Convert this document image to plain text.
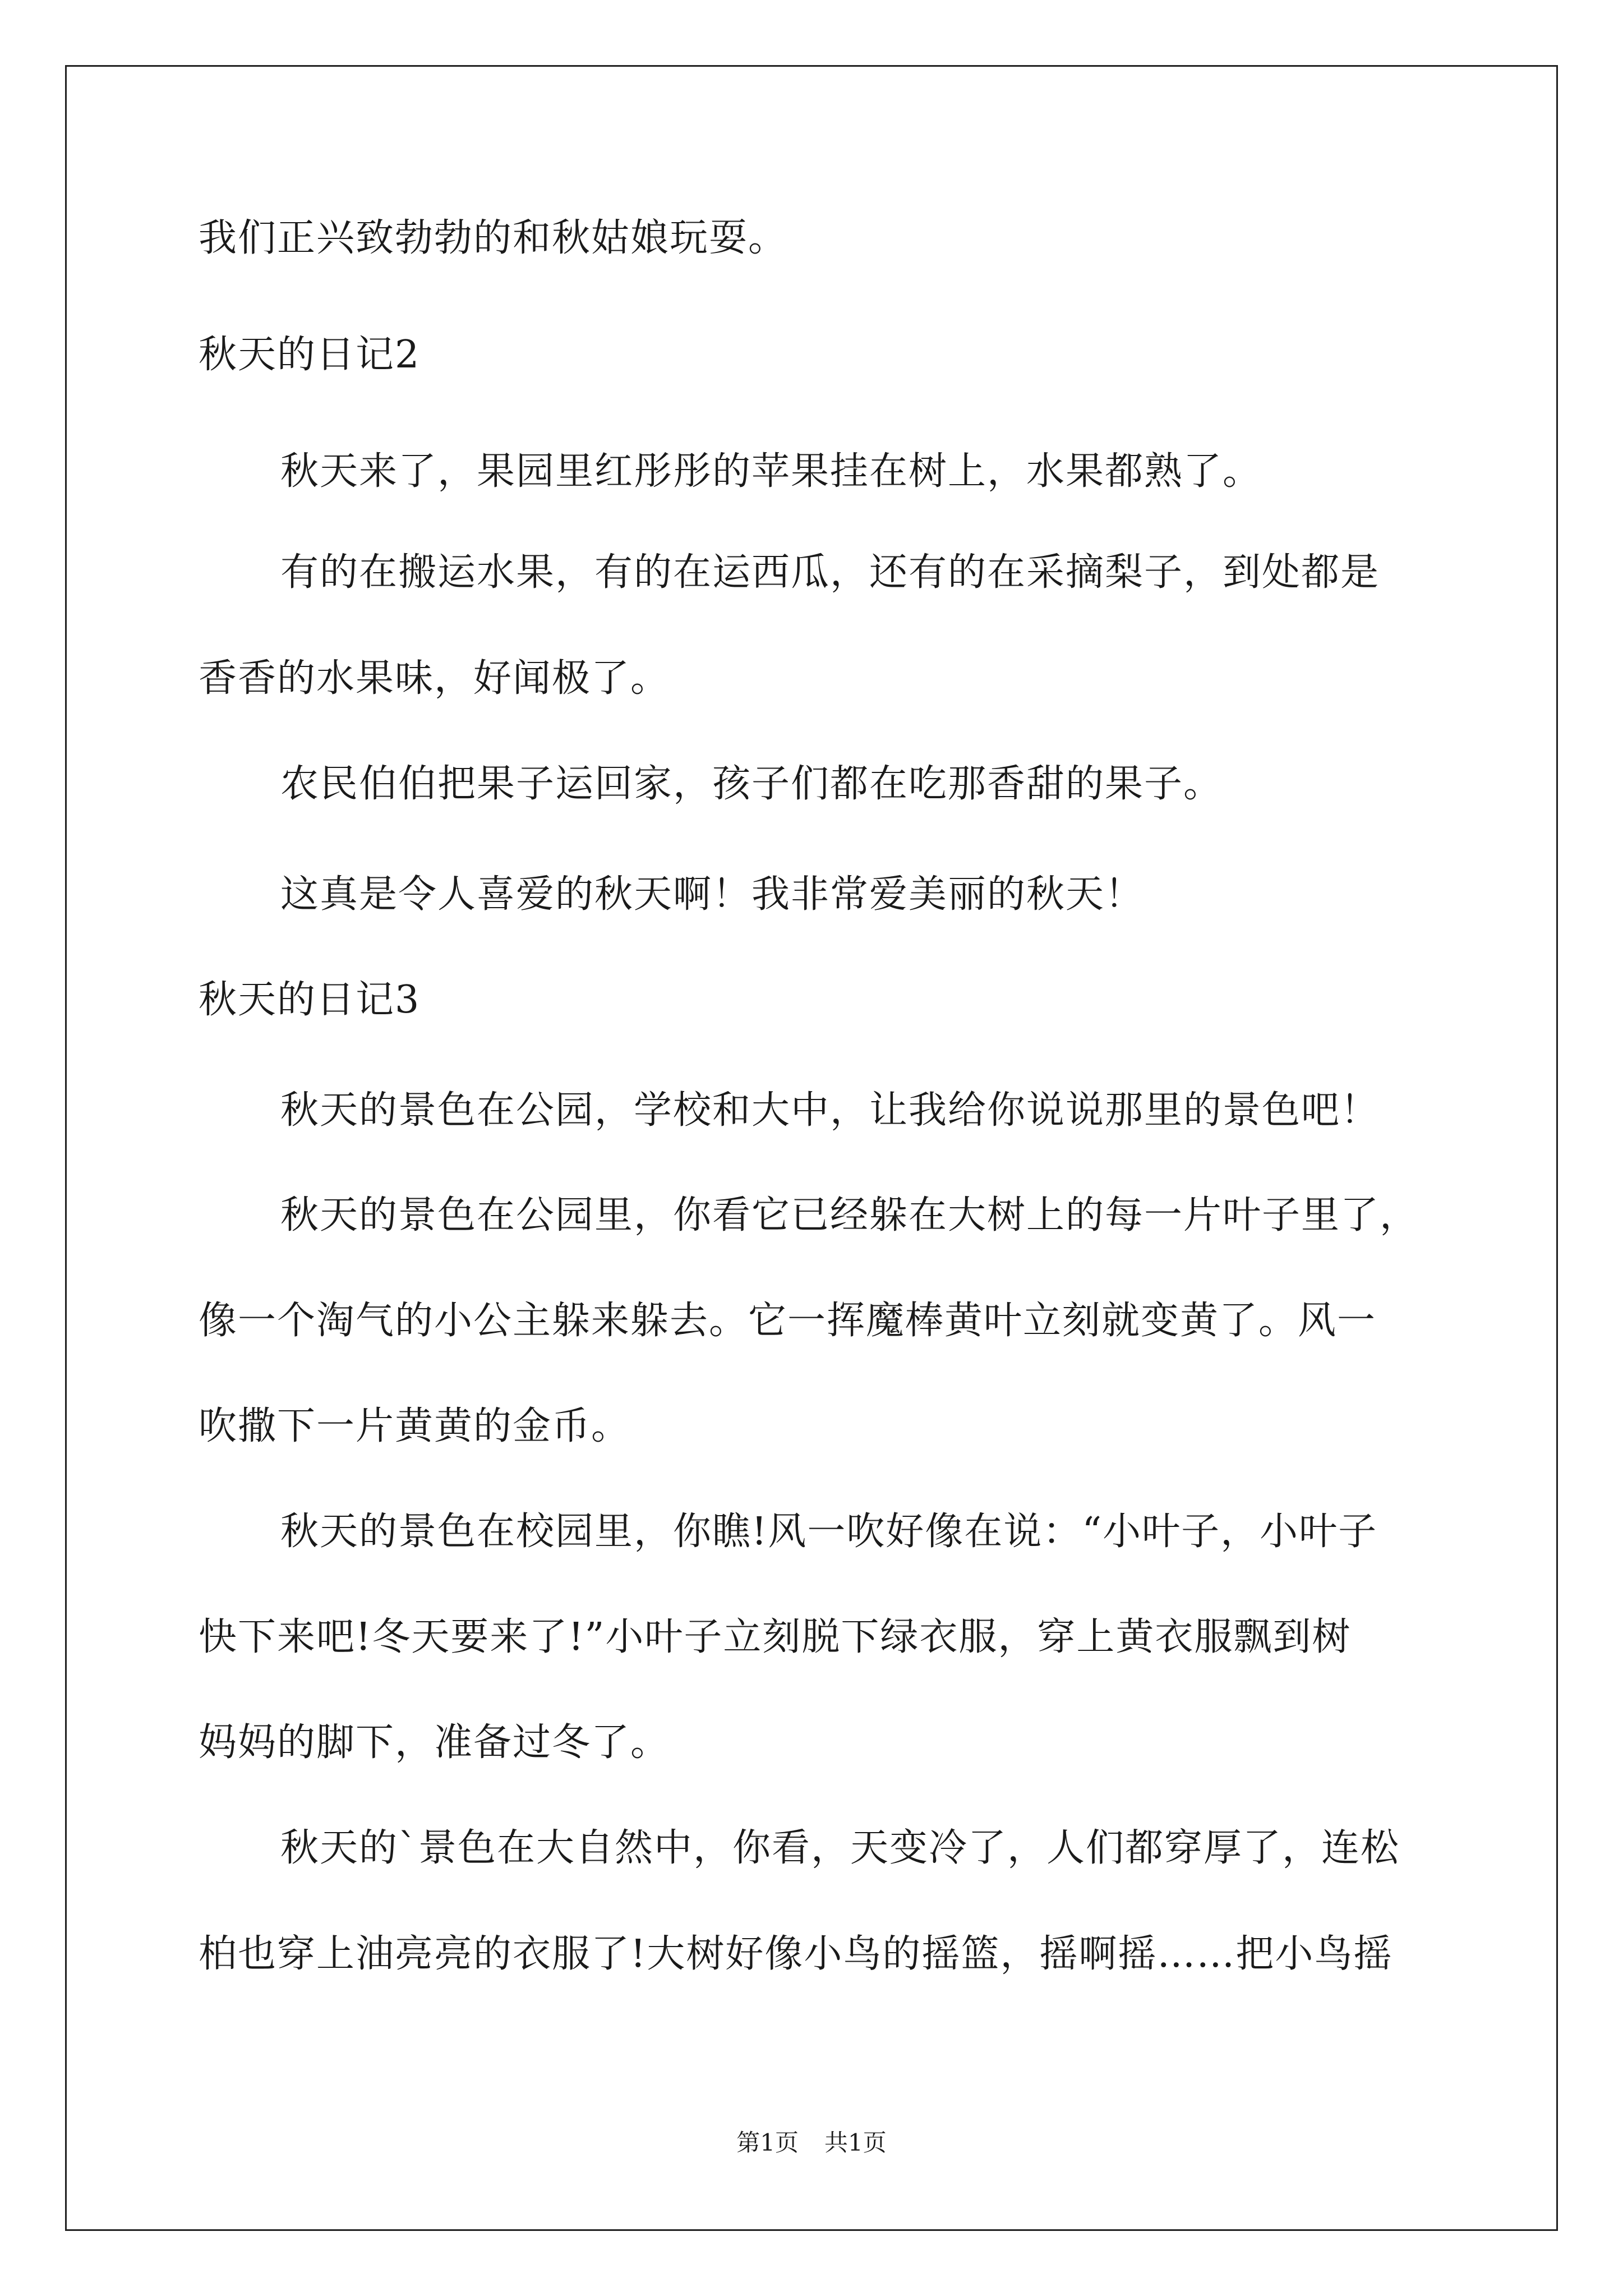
我们正兴致勃勃的和秋姑娘玩耍。
秋天的日记2
秋天来了，果园里红彤彤的苹果挂在树上，水果都熟了。
有的在搬运水果，有的在运西瓜，还有的在采摘梨子，到处都是
香香的水果味，好闻极了。
农民伯伯把果子运回家，孩子们都在吃那香甜的果子。
这真是令人喜爱的秋天啊！我非常爱美丽的秋天！
秋天的日记3
秋天的景色在公园，学校和大中，让我给你说说那里的景色吧！
秋天的景色在公园里，你看它已经躲在大树上的每一片叶子里了，
像一个淘气的小公主躲来躲去。它一挥魔棒黄叶立刻就变黄了。风一
吹撒下一片黄黄的金币。
秋天的景色在校园里，你瞧!风一吹好像在说：“小叶子，小叶子
快下来吧!冬天要来了!”小叶子立刻脱下绿衣服，穿上黄衣服飘到树
妈妈的脚下，准备过冬了。
秋天的`景色在大自然中，你看，天变冷了，人们都穿厚了，连松
柏也穿上油亮亮的衣服了!大树好像小鸟的摇篮，摇啊摇……把小鸟摇
第1页 共1页
